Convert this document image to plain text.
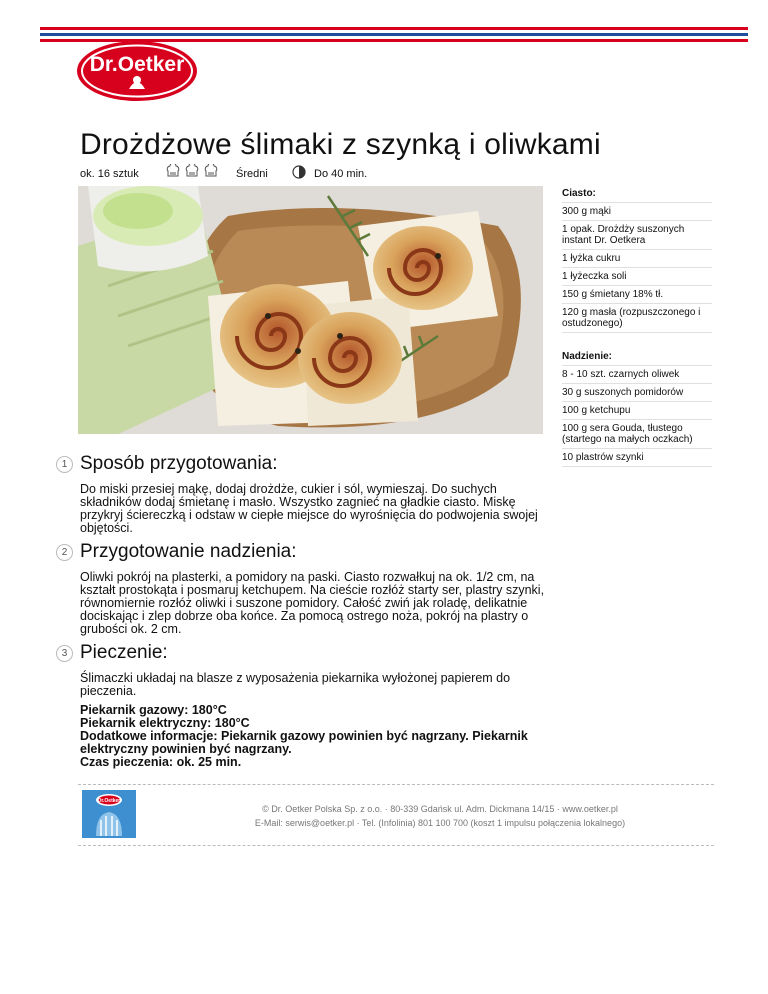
Dr.Oetker
Drożdżowe ślimaki z szynką i oliwkami
ok. 16 sztuk	Średni	Do 40 min.
Ciasto:
300 g mąki
1 opak. Drożdży suszonych instant Dr. Oetkera
1 łyżka cukru
1 łyżeczka soli
150 g śmietany 18% tł.
120 g masła (rozpuszczonego i ostudzonego)
Nadzienie:
8 - 10 szt. czarnych oliwek
30 g suszonych pomidorów
100 g ketchupu
100 g sera Gouda, tłustego (startego na małych oczkach)
10 plastrów szynki
1 Sposób przygotowania:

Do miski przesiej mąkę, dodaj drożdże, cukier i sól, wymieszaj. Do suchych składników dodaj śmietanę i masło. Wszystko zagnieć na gładkie ciasto. Miskę przykryj ściereczką i odstaw w ciepłe miejsce do wyrośnięcia do podwojenia swojej objętości.

2 Przygotowanie nadzienia:

Oliwki pokrój na plasterki, a pomidory na paski. Ciasto rozwałkuj na ok. 1/2 cm, na kształt prostokąta i posmaruj ketchupem. Na cieście rozłóż starty ser, plastry szynki, równomiernie rozłóż oliwki i suszone pomidory. Całość zwiń jak roladę, delikatnie dociskając i zlep dobrze oba końce. Za pomocą ostrego noża, pokrój na plastry o grubości ok. 2 cm.

3 Pieczenie:

Ślimaczki układaj na blasze z wyposażenia piekarnika wyłożonej papierem do pieczenia.

Piekarnik gazowy: 180°C
Piekarnik elektryczny: 180°C
Dodatkowe informacje: Piekarnik gazowy powinien być nagrzany. Piekarnik elektryczny powinien być nagrzany.
Czas pieczenia: ok. 25 min.
Dr.Oetker
© Dr. Oetker Polska Sp. z o.o. · 80-339 Gdańsk ul. Adm. Dickmana 14/15 · www.oetker.pl
E-Mail: serwis@oetker.pl · Tel. (Infolinia) 801 100 700 (koszt 1 impulsu połączenia lokalnego)
